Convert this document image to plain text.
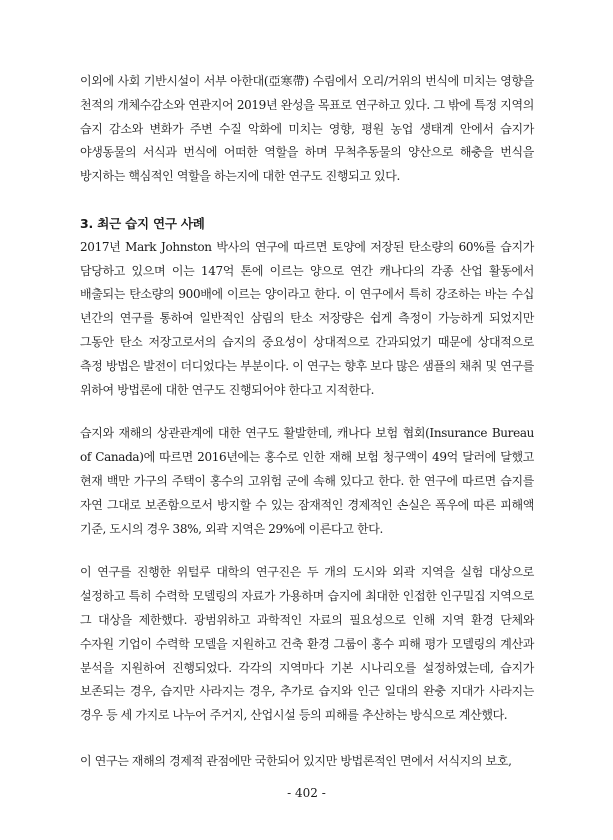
이외에 사회 기반시설이 서부 아한대(亞寒帶) 수림에서 오리/거위의 번식에 미치는 영향을 천적의 개체수감소와 연관지어 2019년 완성을 목표로 연구하고 있다. 그 밖에 특정 지역의 습지 감소와 변화가 주변 수질 악화에 미치는 영향, 평원 농업 생태계 안에서 습지가 야생동물의 서식과 번식에 어떠한 역할을 하며 무척추동물의 양산으로 해충을 번식을 방지하는 핵심적인 역할을 하는지에 대한 연구도 진행되고 있다.

3. 최근 습지 연구 사례

2017년 Mark Johnston 박사의 연구에 따르면 토양에 저장된 탄소량의 60%를 습지가 담당하고 있으며 이는 147억 톤에 이르는 양으로 연간 캐나다의 각종 산업 활동에서 배출되는 탄소량의 900배에 이르는 양이라고 한다. 이 연구에서 특히 강조하는 바는 수십 년간의 연구를 통하여 일반적인 삼림의 탄소 저장량은 쉽게 측정이 가능하게 되었지만 그동안 탄소 저장고로서의 습지의 중요성이 상대적으로 간과되었기 때문에 상대적으로 측정 방법은 발전이 더디었다는 부분이다. 이 연구는 향후 보다 많은 샘플의 채취 및 연구를 위하여 방법론에 대한 연구도 진행되어야 한다고 지적한다.

습지와 재해의 상관관계에 대한 연구도 활발한데, 캐나다 보험 협회(Insurance Bureau of Canada)에 따르면 2016년에는 홍수로 인한 재해 보험 청구액이 49억 달러에 달했고 현재 백만 가구의 주택이 홍수의 고위험 군에 속해 있다고 한다. 한 연구에 따르면 습지를 자연 그대로 보존함으로서 방지할 수 있는 잠재적인 경제적인 손실은 폭우에 따른 피해액 기준, 도시의 경우 38%, 외곽 지역은 29%에 이른다고 한다.

이 연구를 진행한 위털루 대학의 연구진은 두 개의 도시와 외곽 지역을 실험 대상으로 설정하고 특히 수력학 모델링의 자료가 가용하며 습지에 최대한 인접한 인구밀집 지역으로 그 대상을 제한했다. 광범위하고 과학적인 자료의 필요성으로 인해 지역 환경 단체와 수자원 기업이 수력학 모델을 지원하고 건축 환경 그룹이 홍수 피해 평가 모델링의 계산과 분석을 지원하여 진행되었다. 각각의 지역마다 기본 시나리오를 설정하였는데, 습지가 보존되는 경우, 습지만 사라지는 경우, 추가로 습지와 인근 일대의 완충 지대가 사라지는 경우 등 세 가지로 나누어 주거지, 산업시설 등의 피해를 추산하는 방식으로 계산했다.

이 연구는 재해의 경제적 관점에만 국한되어 있지만 방법론적인 면에서 서식지의 보호,

- 402 -
